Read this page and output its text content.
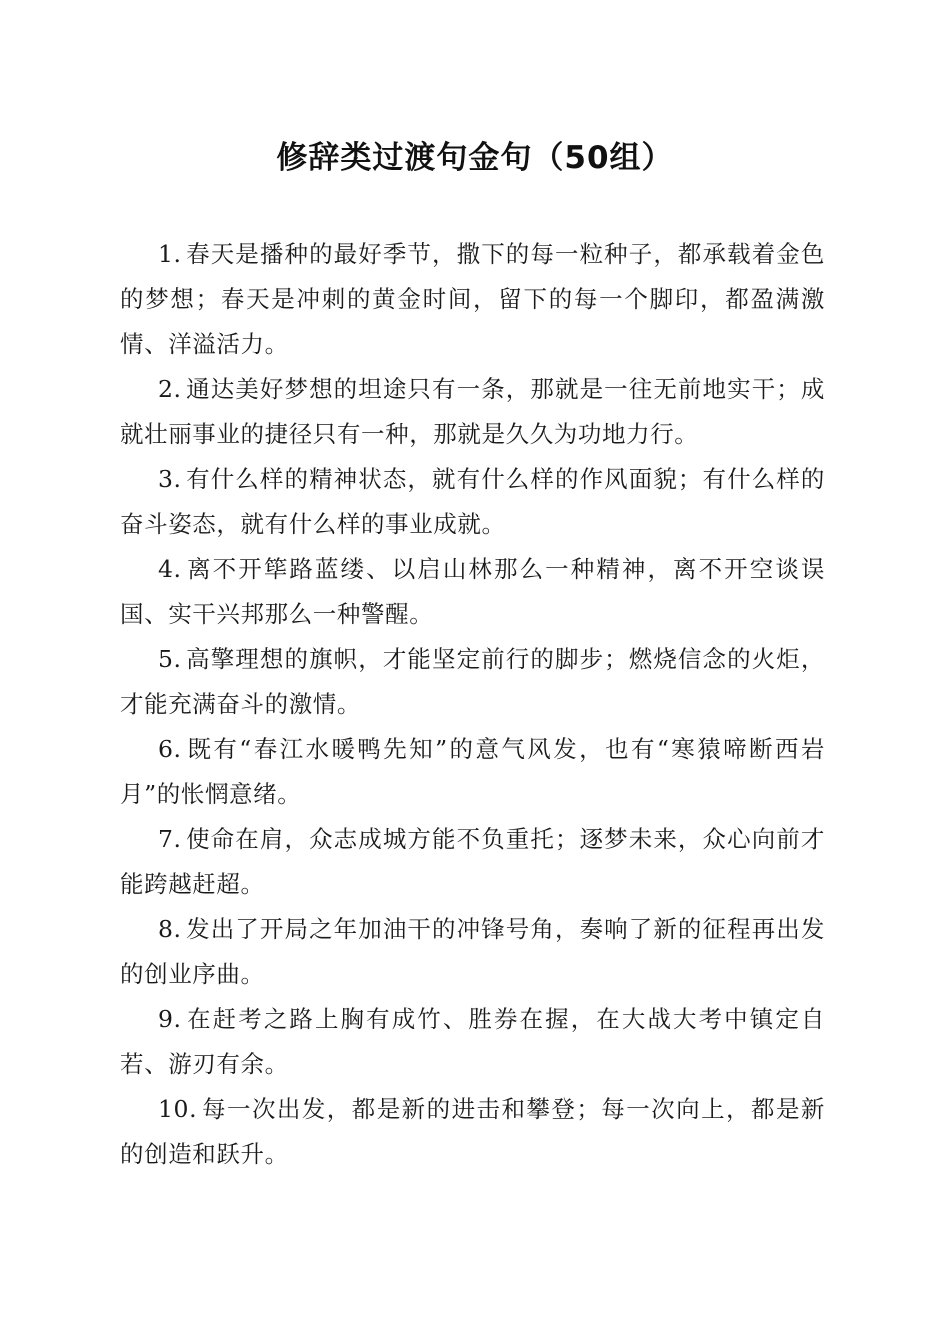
修辞类过渡句金句（50组）

1. 春天是播种的最好季节，撒下的每一粒种子，都承载着金色的梦想；春天是冲刺的黄金时间，留下的每一个脚印，都盈满激情、洋溢活力。

2. 通达美好梦想的坦途只有一条，那就是一往无前地实干；成就壮丽事业的捷径只有一种，那就是久久为功地力行。

3. 有什么样的精神状态，就有什么样的作风面貌；有什么样的奋斗姿态，就有什么样的事业成就。

4. 离不开筚路蓝缕、以启山林那么一种精神，离不开空谈误国、实干兴邦那么一种警醒。

5. 高擎理想的旗帜，才能坚定前行的脚步；燃烧信念的火炬，才能充满奋斗的激情。

6. 既有“春江水暖鸭先知”的意气风发，也有“寒猿啼断西岩月”的怅惘意绪。

7. 使命在肩，众志成城方能不负重托；逐梦未来，众心向前才能跨越赶超。

8. 发出了开局之年加油干的冲锋号角，奏响了新的征程再出发的创业序曲。

9. 在赶考之路上胸有成竹、胜券在握，在大战大考中镇定自若、游刃有余。

10. 每一次出发，都是新的进击和攀登；每一次向上，都是新的创造和跃升。
